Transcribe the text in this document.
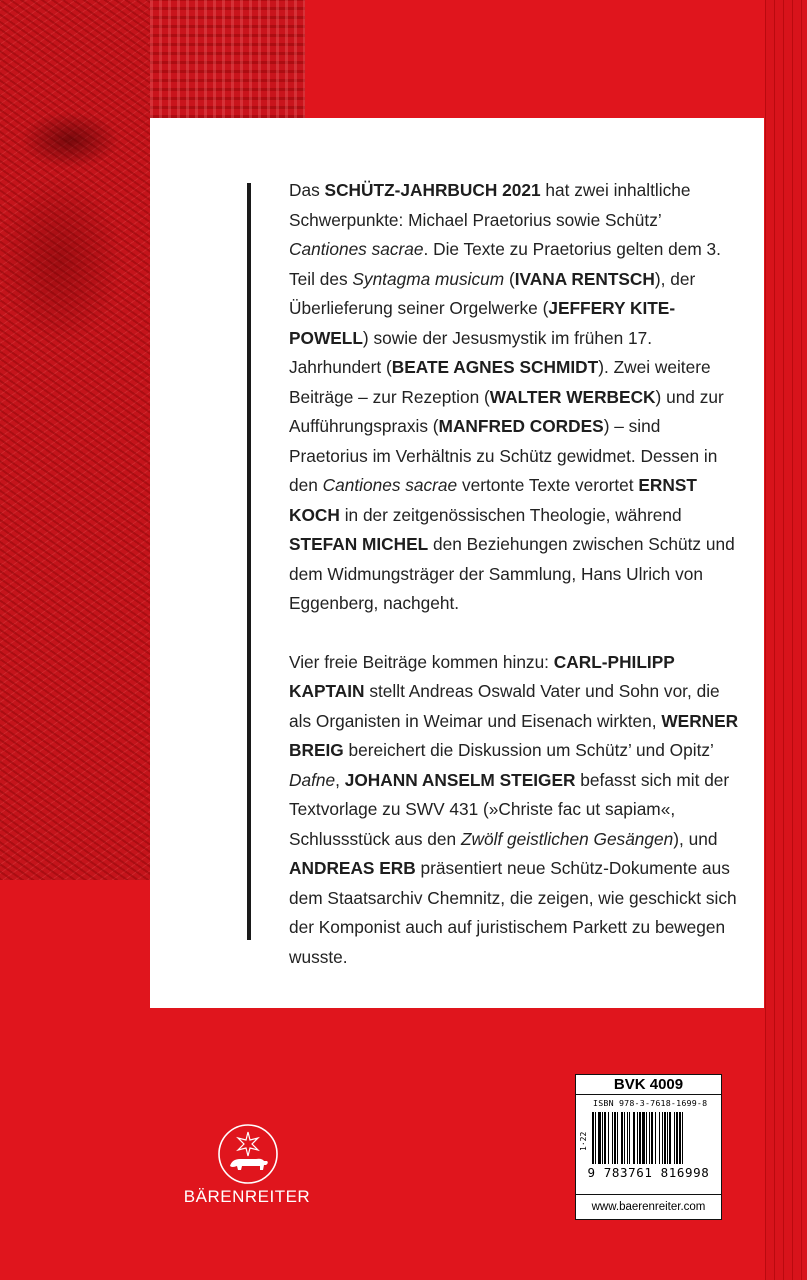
Das SCHÜTZ-JAHRBUCH 2021 hat zwei inhaltliche Schwerpunkte: Michael Praetorius sowie Schütz’ Cantiones sacrae. Die Texte zu Praetorius gelten dem 3. Teil des Syntagma musicum (IVANA RENTSCH), der Überlieferung seiner Orgelwerke (JEFFERY KITE-POWELL) sowie der Jesusmystik im frühen 17. Jahrhundert (BEATE AGNES SCHMIDT). Zwei weitere Beiträge – zur Rezeption (WALTER WERBECK) und zur Aufführungspraxis (MANFRED CORDES) – sind Praetorius im Verhältnis zu Schütz gewidmet. Dessen in den Cantiones sacrae vertonte Texte verortet ERNST KOCH in der zeitgenössischen Theologie, während STEFAN MICHEL den Beziehungen zwischen Schütz und dem Widmungsträger der Sammlung, Hans Ulrich von Eggenberg, nachgeht.

Vier freie Beiträge kommen hinzu: CARL-PHILIPP KAPTAIN stellt Andreas Oswald Vater und Sohn vor, die als Organisten in Weimar und Eisenach wirkten, WERNER BREIG bereichert die Diskussion um Schütz’ und Opitz’ Dafne, JOHANN ANSELM STEIGER befasst sich mit der Textvorlage zu SWV 431 (»Christe fac ut sapiam«, Schlussstück aus den Zwölf geistlichen Gesängen), und ANDREAS ERB präsentiert neue Schütz-Dokumente aus dem Staatsarchiv Chemnitz, die zeigen, wie geschickt sich der Komponist auch auf juristischem Parkett zu bewegen wusste.

BVK 4009
ISBN 978-3-7618-1699-8
1·22
9 783761 816998
www.baerenreiter.com
BÄRENREITER
